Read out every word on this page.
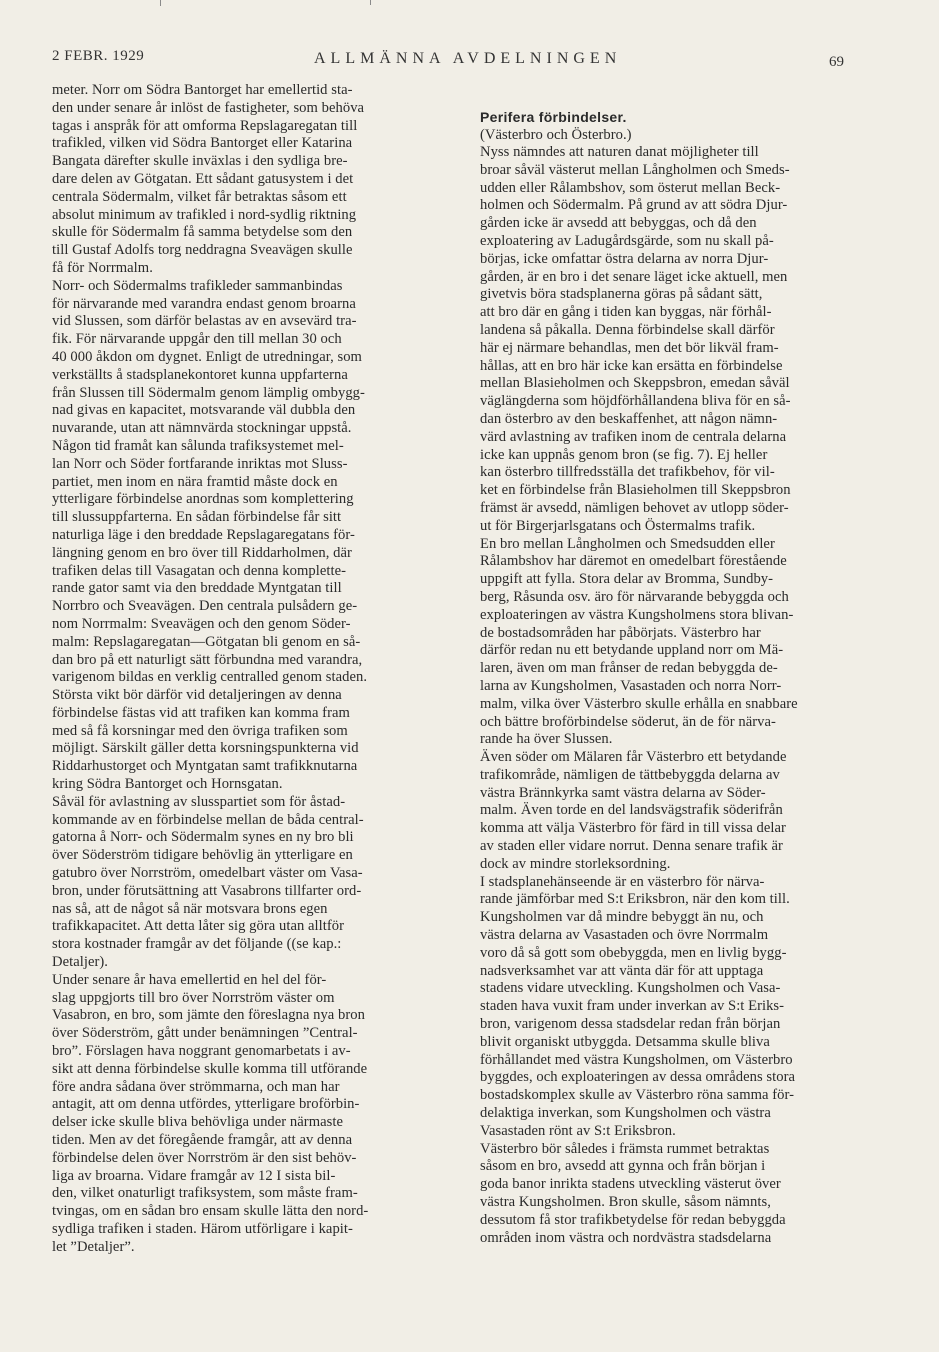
2 FEBR. 1929	ALLMÄNNA AVDELNINGEN	69
meter. Norr om Södra Bantorget har emellertid sta-
den under senare år inlöst de fastigheter, som behöva
tagas i anspråk för att omforma Repslagaregatan till
trafikled, vilken vid Södra Bantorget eller Katarina
Bangata därefter skulle inväxlas i den sydliga bre-
dare delen av Götgatan. Ett sådant gatusystem i det
centrala Södermalm, vilket får betraktas såsom ett
absolut minimum av trafikled i nord-sydlig riktning
skulle för Södermalm få samma betydelse som den
till Gustaf Adolfs torg neddragna Sveavägen skulle
få för Norrmalm.
Norr- och Södermalms trafikleder sammanbindas
för närvarande med varandra endast genom broarna
vid Slussen, som därför belastas av en avsevärd tra-
fik. För närvarande uppgår den till mellan 30 och
40 000 åkdon om dygnet. Enligt de utredningar, som
verkställts å stadsplanekontoret kunna uppfarterna
från Slussen till Södermalm genom lämplig ombygg-
nad givas en kapacitet, motsvarande väl dubbla den
nuvarande, utan att nämnvärda stockningar uppstå.
Någon tid framåt kan sålunda trafiksystemet mel-
lan Norr och Söder fortfarande inriktas mot Sluss-
partiet, men inom en nära framtid måste dock en
ytterligare förbindelse anordnas som komplettering
till slussuppfarterna. En sådan förbindelse får sitt
naturliga läge i den breddade Repslagaregatans för-
längning genom en bro över till Riddarholmen, där
trafiken delas till Vasagatan och denna komplette-
rande gator samt via den breddade Myntgatan till
Norrbro och Sveavägen. Den centrala pulsådern ge-
nom Norrmalm: Sveavägen och den genom Söder-
malm: Repslagaregatan—Götgatan bli genom en så-
dan bro på ett naturligt sätt förbundna med varandra,
varigenom bildas en verklig centralled genom staden.
Största vikt bör därför vid detaljeringen av denna
förbindelse fästas vid att trafiken kan komma fram
med så få korsningar med den övriga trafiken som
möjligt. Särskilt gäller detta korsningspunkterna vid
Riddarhustorget och Myntgatan samt trafikknutarna
kring Södra Bantorget och Hornsgatan.
Såväl för avlastning av slusspartiet som för åstad-
kommande av en förbindelse mellan de båda central-
gatorna å Norr- och Södermalm synes en ny bro bli
över Söderström tidigare behövlig än ytterligare en
gatubro över Norrström, omedelbart väster om Vasa-
bron, under förutsättning att Vasabrons tillfarter ord-
nas så, att de något så när motsvara brons egen
trafikkapacitet. Att detta låter sig göra utan alltför
stora kostnader framgår av det följande ((se kap.:
Detaljer).
Under senare år hava emellertid en hel del för-
slag uppgjorts till bro över Norrström väster om
Vasabron, en bro, som jämte den föreslagna nya bron
över Söderström, gått under benämningen ”Central-
bro”. Förslagen hava noggrant genomarbetats i av-
sikt att denna förbindelse skulle komma till utförande
före andra sådana över strömmarna, och man har
antagit, att om denna utfördes, ytterligare broförbin-
delser icke skulle bliva behövliga under närmaste
tiden. Men av det föregående framgår, att av denna
förbindelse delen över Norrström är den sist behöv-
liga av broarna. Vidare framgår av 12 I sista bil-
den, vilket onaturligt trafiksystem, som måste fram-
tvingas, om en sådan bro ensam skulle lätta den nord-
sydliga trafiken i staden. Härom utförligare i kapit-
let ”Detaljer”.

Perifera förbindelser.

(Västerbro och Österbro.)

Nyss nämndes att naturen danat möjligheter till
broar såväl västerut mellan Långholmen och Smeds-
udden eller Rålambshov, som österut mellan Beck-
holmen och Södermalm. På grund av att södra Djur-
gården icke är avsedd att bebyggas, och då den
exploatering av Ladugårdsgärde, som nu skall på-
börjas, icke omfattar östra delarna av norra Djur-
gården, är en bro i det senare läget icke aktuell, men
givetvis böra stadsplanerna göras på sådant sätt,
att bro där en gång i tiden kan byggas, när förhål-
landena så påkalla. Denna förbindelse skall därför
här ej närmare behandlas, men det bör likväl fram-
hållas, att en bro här icke kan ersätta en förbindelse
mellan Blasieholmen och Skeppsbron, emedan såväl
väglängderna som höjdförhållandena bliva för en så-
dan österbro av den beskaffenhet, att någon nämn-
värd avlastning av trafiken inom de centrala delarna
icke kan uppnås genom bron (se fig. 7). Ej heller
kan österbro tillfredsställa det trafikbehov, för vil-
ket en förbindelse från Blasieholmen till Skeppsbron
främst är avsedd, nämligen behovet av utlopp söder-
ut för Birgerjarlsgatans och Östermalms trafik.
En bro mellan Långholmen och Smedsudden eller
Rålambshov har däremot en omedelbart förestående
uppgift att fylla. Stora delar av Bromma, Sundby-
berg, Råsunda osv. äro för närvarande bebyggda och
exploateringen av västra Kungsholmens stora blivan-
de bostadsområden har påbörjats. Västerbro har
därför redan nu ett betydande uppland norr om Mä-
laren, även om man frånser de redan bebyggda de-
larna av Kungsholmen, Vasastaden och norra Norr-
malm, vilka över Västerbro skulle erhålla en snabbare
och bättre broförbindelse söderut, än de för närva-
rande ha över Slussen.
Även söder om Mälaren får Västerbro ett betydande
trafikområde, nämligen de tättbebyggda delarna av
västra Brännkyrka samt västra delarna av Söder-
malm. Även torde en del landsvägstrafik söderifrån
komma att välja Västerbro för färd in till vissa delar
av staden eller vidare norrut. Denna senare trafik är
dock av mindre storleksordning.
I stadsplanehänseende är en västerbro för närva-
rande jämförbar med S:t Eriksbron, när den kom till.
Kungsholmen var då mindre bebyggt än nu, och
västra delarna av Vasastaden och övre Norrmalm
voro då så gott som obebyggda, men en livlig bygg-
nadsverksamhet var att vänta där för att upptaga
stadens vidare utveckling. Kungsholmen och Vasa-
staden hava vuxit fram under inverkan av S:t Eriks-
bron, varigenom dessa stadsdelar redan från början
blivit organiskt utbyggda. Detsamma skulle bliva
förhållandet med västra Kungsholmen, om Västerbro
byggdes, och exploateringen av dessa områdens stora
bostadskomplex skulle av Västerbro röna samma för-
delaktiga inverkan, som Kungsholmen och västra
Vasastaden rönt av S:t Eriksbron.
Västerbro bör således i främsta rummet betraktas
såsom en bro, avsedd att gynna och från början i
goda banor inrikta stadens utveckling västerut över
västra Kungsholmen. Bron skulle, såsom nämnts,
dessutom få stor trafikbetydelse för redan bebyggda
områden inom västra och nordvästra stadsdelarna
